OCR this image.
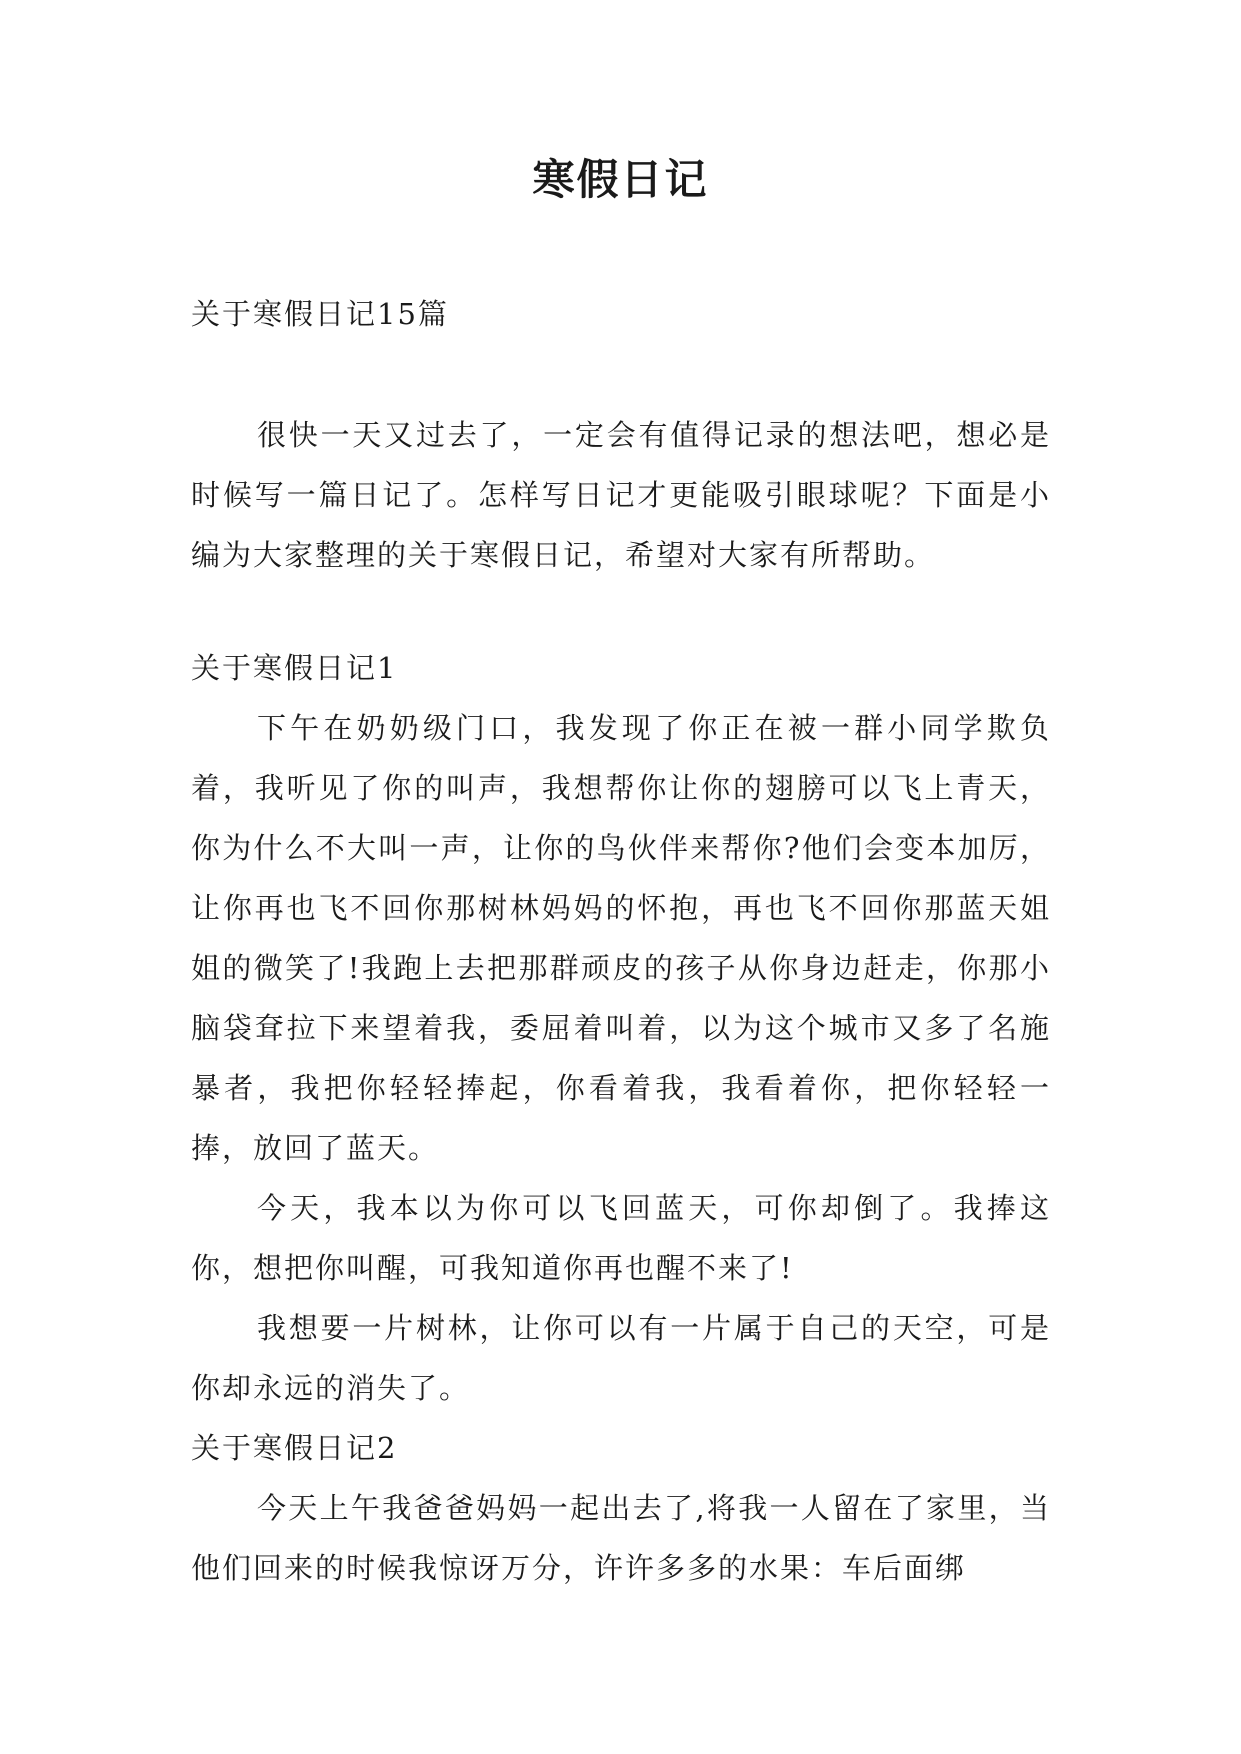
寒假日记

关于寒假日记15篇

很快一天又过去了，一定会有值得记录的想法吧，想必是时候写一篇日记了。怎样写日记才更能吸引眼球呢？下面是小编为大家整理的关于寒假日记，希望对大家有所帮助。

关于寒假日记1

下午在奶奶级门口，我发现了你正在被一群小同学欺负着，我听见了你的叫声，我想帮你让你的翅膀可以飞上青天，你为什么不大叫一声，让你的鸟伙伴来帮你?他们会变本加厉，让你再也飞不回你那树林妈妈的怀抱，再也飞不回你那蓝天姐姐的微笑了!我跑上去把那群顽皮的孩子从你身边赶走，你那小脑袋耷拉下来望着我，委屈着叫着，以为这个城市又多了名施暴者，我把你轻轻捧起，你看着我，我看着你，把你轻轻一捧，放回了蓝天。

今天，我本以为你可以飞回蓝天，可你却倒了。我捧这你，想把你叫醒，可我知道你再也醒不来了!

我想要一片树林，让你可以有一片属于自己的天空，可是你却永远的消失了。

关于寒假日记2

今天上午我爸爸妈妈一起出去了,将我一人留在了家里，当他们回来的时候我惊讶万分，许许多多的水果：车后面绑
